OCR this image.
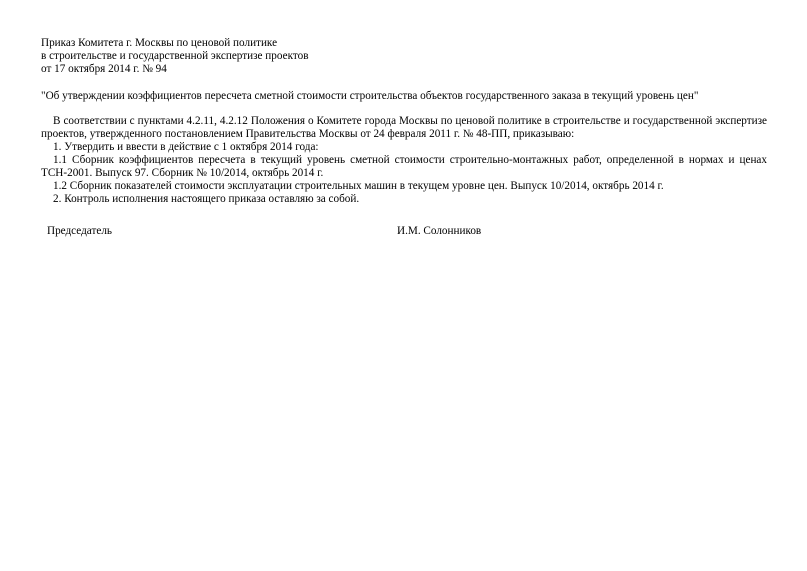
Приказ Комитета г. Москвы по ценовой политике
в строительстве и государственной экспертизе проектов
от 17 октября 2014 г. № 94
"Об утверждении коэффициентов пересчета сметной стоимости строительства объектов государственного заказа в текущий уровень цен"

В соответствии с пунктами 4.2.11, 4.2.12 Положения о Комитете города Москвы по ценовой политике в строительстве и государственной экспертизе проектов, утвержденного постановлением Правительства Москвы от 24 февраля 2011 г. № 48-ПП, приказываю:

1. Утвердить и ввести в действие с 1 октября 2014 года:

1.1 Сборник коэффициентов пересчета в текущий уровень сметной стоимости строительно-монтажных работ, определенной в нормах и ценах ТСН-2001. Выпуск 97. Сборник № 10/2014, октябрь 2014 г.

1.2 Сборник показателей стоимости эксплуатации строительных машин в текущем уровне цен. Выпуск 10/2014, октябрь 2014 г.

2. Контроль исполнения настоящего приказа оставляю за собой.

Председатель	И.М. Солонников
